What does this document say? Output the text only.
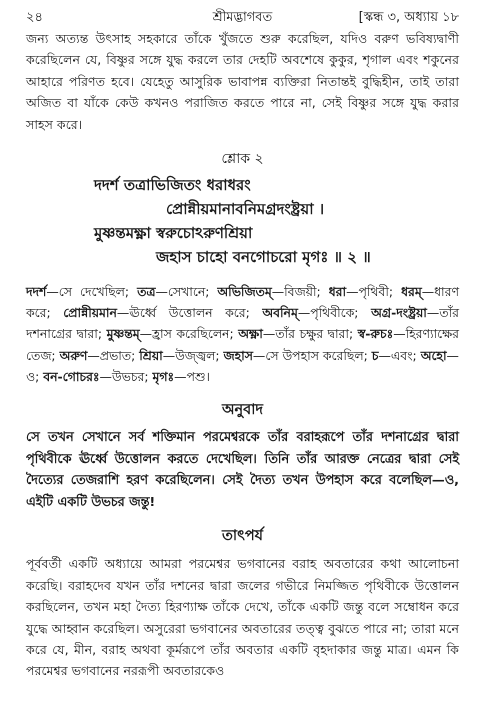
২৪	শ্রীমদ্ভাগবত	[স্কন্ধ ৩, অধ্যায় ১৮

জন্য অত্যন্ত উৎসাহ সহকারে তাঁকে খুঁজতে শুরু করেছিল, যদিও বরুণ ভবিষ্যদ্বাণী করেছিলেন যে, বিষ্ণুর সঙ্গে যুদ্ধ করলে তার দেহটি অবশেষে কুকুর, শৃগাল এবং শকুনের আহারে পরিণত হবে। যেহেতু আসুরিক ভাবাপন্ন ব্যক্তিরা নিতান্তই বুদ্ধিহীন, তাই তারা অজিত বা যাঁকে কেউ কখনও পরাজিত করতে পারে না, সেই বিষ্ণুর সঙ্গে যুদ্ধ করার সাহস করে।

শ্লোক ২

দদর্শ তত্রাভিজিতং ধরাধরং

প্রোন্নীয়মানাবনিমগ্রদংষ্ট্রয়া ।

মুষ্ণন্তমক্ষ্ণা স্বরুচোঽরুণশ্রিয়া

জহাস চাহো বনগোচরো মৃগঃ ॥ ২ ॥

দদর্শ—সে দেখেছিল; তত্র—সেখানে; অভিজিতম্—বিজয়ী; ধরা—পৃথিবী; ধরম্—ধারণ করে; প্রোন্নীয়মান—ঊর্ধ্বে উত্তোলন করে; অবনিম্—পৃথিবীকে; অগ্র-দংষ্ট্রয়া—তাঁর দশনাগ্রের দ্বারা; মুষ্ণন্তম্—হ্রাস করেছিলেন; অক্ষ্ণা—তাঁর চক্ষুর দ্বারা; স্ব-রুচঃ—হিরণ্যাক্ষের তেজ; অরুণ—প্রভাত; শ্রিয়া—উজ্জ্বল; জহাস—সে উপহাস করেছিল; চ—এবং; অহো—ও; বন-গোচরঃ—উভচর; মৃগঃ—পশু।

অনুবাদ

সে তখন সেখানে সর্ব শক্তিমান পরমেশ্বরকে তাঁর বরাহরূপে তাঁর দশনাগ্রের দ্বারা পৃথিবীকে ঊর্ধ্বে উত্তোলন করতে দেখেছিল। তিনি তাঁর আরক্ত নেত্রের দ্বারা সেই দৈত্যের তেজরাশি হরণ করেছিলেন। সেই দৈত্য তখন উপহাস করে বলেছিল—ও, এইটি একটি উভচর জন্তু!

তাৎপর্য

পূর্ববর্তী একটি অধ্যায়ে আমরা পরমেশ্বর ভগবানের বরাহ অবতারের কথা আলোচনা করেছি। বরাহদেব যখন তাঁর দশনের দ্বারা জলের গভীরে নিমজ্জিত পৃথিবীকে উত্তোলন করছিলেন, তখন মহা দৈত্য হিরণ্যাক্ষ তাঁকে দেখে, তাঁকে একটি জন্তু বলে সম্বোধন করে যুদ্ধে আহ্বান করেছিল। অসুরেরা ভগবানের অবতারের তত্ত্ব বুঝতে পারে না; তারা মনে করে যে, মীন, বরাহ অথবা কূর্মরূপে তাঁর অবতার একটি বৃহদাকার জন্তু মাত্র। এমন কি পরমেশ্বর ভগবানের নররূপী অবতারকেও
